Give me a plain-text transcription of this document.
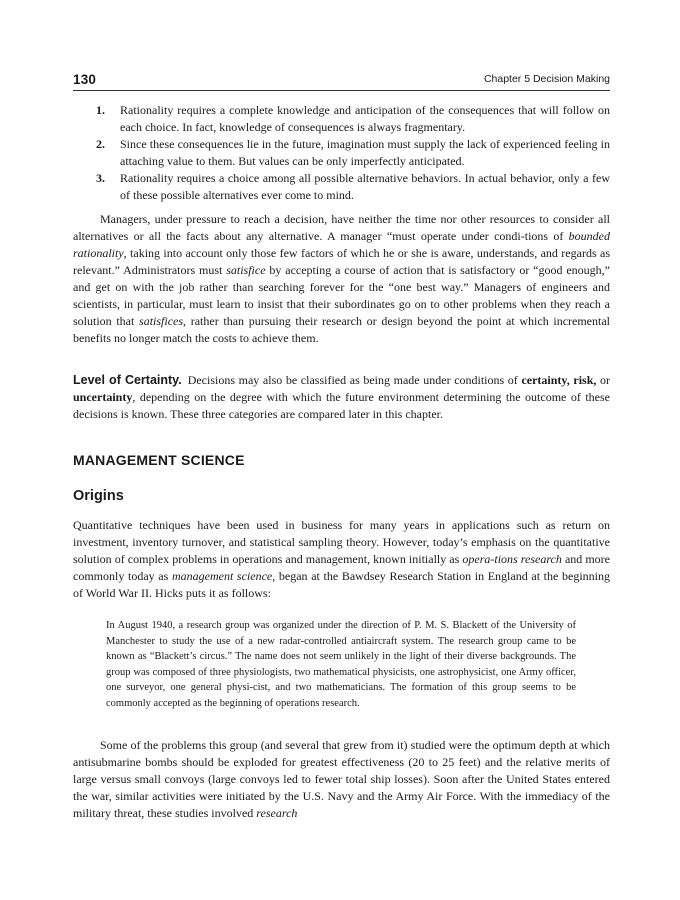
130	Chapter 5 Decision Making
1. Rationality requires a complete knowledge and anticipation of the consequences that will follow on each choice. In fact, knowledge of consequences is always fragmentary.
2. Since these consequences lie in the future, imagination must supply the lack of experienced feeling in attaching value to them. But values can be only imperfectly anticipated.
3. Rationality requires a choice among all possible alternative behaviors. In actual behavior, only a few of these possible alternatives ever come to mind.

Managers, under pressure to reach a decision, have neither the time nor other resources to consider all alternatives or all the facts about any alternative. A manager “must operate under condi-tions of bounded rationality, taking into account only those few factors of which he or she is aware, understands, and regards as relevant.” Administrators must satisfice by accepting a course of action that is satisfactory or “good enough,” and get on with the job rather than searching forever for the “one best way.” Managers of engineers and scientists, in particular, must learn to insist that their subordinates go on to other problems when they reach a solution that satisfices, rather than pursuing their research or design beyond the point at which incremental benefits no longer match the costs to achieve them.

Level of Certainty. Decisions may also be classified as being made under conditions of certainty, risk, or uncertainty, depending on the degree with which the future environment determining the outcome of these decisions is known. These three categories are compared later in this chapter.

MANAGEMENT SCIENCE
Origins

Quantitative techniques have been used in business for many years in applications such as return on investment, inventory turnover, and statistical sampling theory. However, today’s emphasis on the quantitative solution of complex problems in operations and management, known initially as opera-tions research and more commonly today as management science, began at the Bawdsey Research Station in England at the beginning of World War II. Hicks puts it as follows:

In August 1940, a research group was organized under the direction of P. M. S. Blackett of the University of Manchester to study the use of a new radar-controlled antiaircraft system. The research group came to be known as “Blackett’s circus.” The name does not seem unlikely in the light of their diverse backgrounds. The group was composed of three physiologists, two mathematical physicists, one astrophysicist, one Army officer, one surveyor, one general physi-cist, and two mathematicians. The formation of this group seems to be commonly accepted as the beginning of operations research.

Some of the problems this group (and several that grew from it) studied were the optimum depth at which antisubmarine bombs should be exploded for greatest effectiveness (20 to 25 feet) and the relative merits of large versus small convoys (large convoys led to fewer total ship losses). Soon after the United States entered the war, similar activities were initiated by the U.S. Navy and the Army Air Force. With the immediacy of the military threat, these studies involved research
